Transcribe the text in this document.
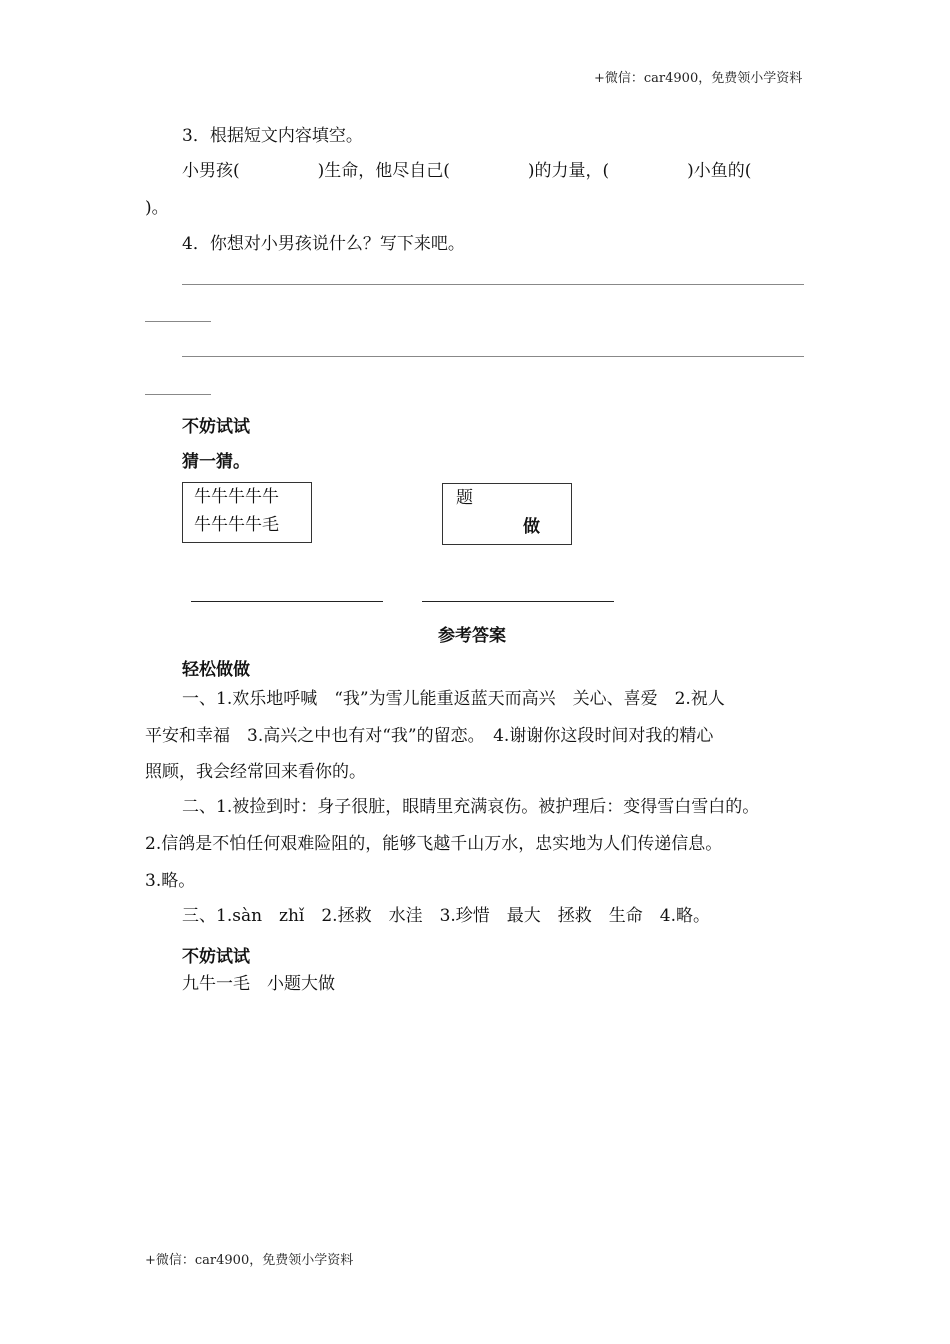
+微信：car4900，免费领小学资料
3．根据短文内容填空。
小男孩(	)生命，他尽自己(	)的力量，(	)小鱼的(
)。
4．你想对小男孩说什么？写下来吧。
不妨试试
猜一猜。
牛牛牛牛牛
牛牛牛牛毛
题
做
参考答案
轻松做做
一、1.欢乐地呼喊　“我”为雪儿能重返蓝天而高兴　关心、喜爱　2.祝人
平安和幸福　3.高兴之中也有对“我”的留恋。　4.谢谢你这段时间对我的精心
照顾，我会经常回来看你的。
二、1.被捡到时：身子很脏，眼睛里充满哀伤。被护理后：变得雪白雪白的。
2.信鸽是不怕任何艰难险阻的，能够飞越千山万水，忠实地为人们传递信息。
3.略。
三、1.sàn　zhǐ　2.拯救　水洼　3.珍惜　最大　拯救　生命　4.略。
不妨试试
九牛一毛　小题大做
+微信：car4900，免费领小学资料
